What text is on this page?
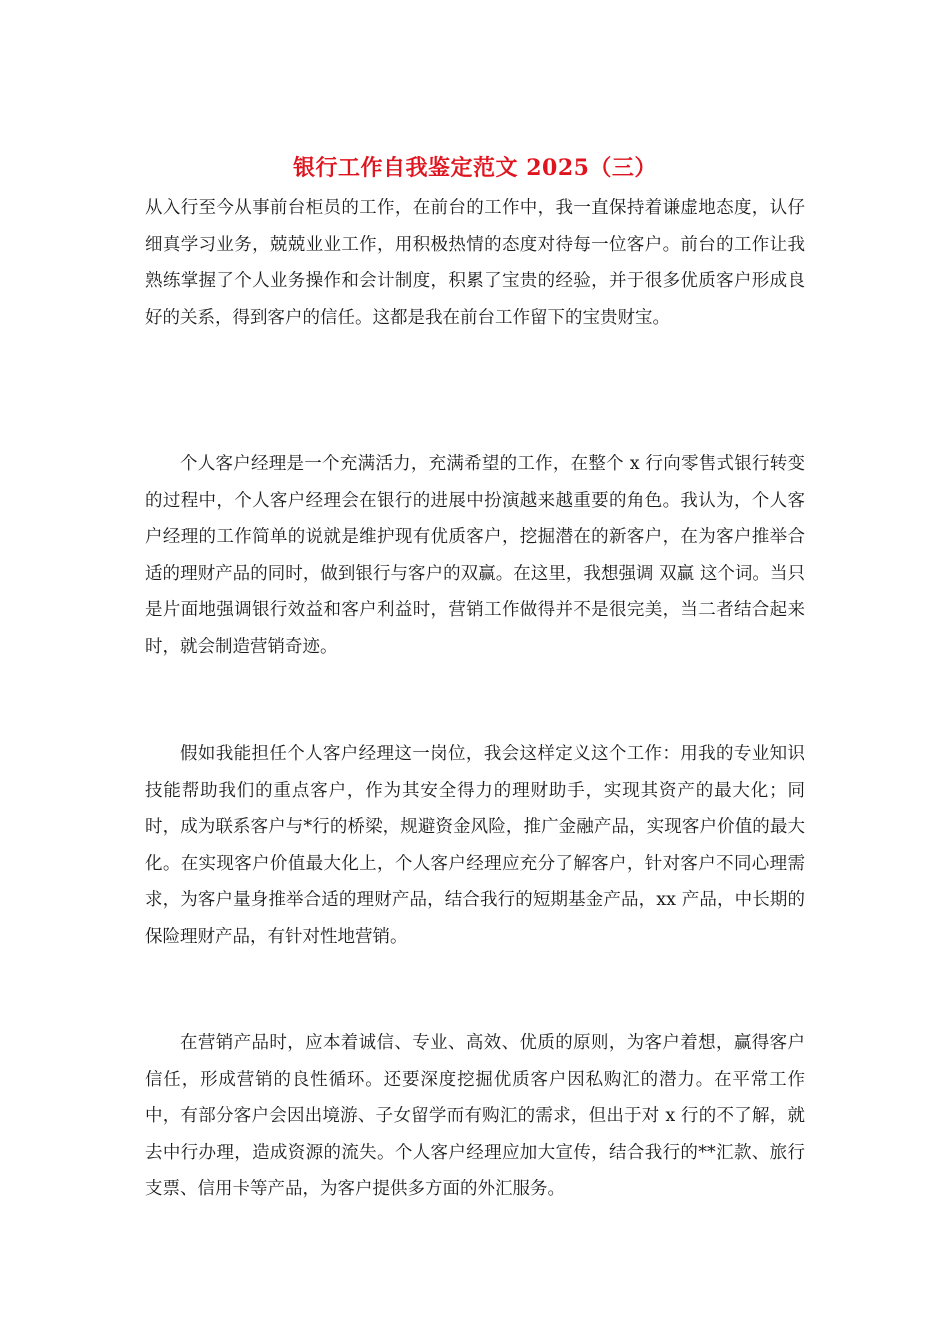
银行工作自我鉴定范文 2025（三）

从入行至今从事前台柜员的工作，在前台的工作中，我一直保持着谦虚地态度，认仔细真学习业务，兢兢业业工作，用积极热情的态度对待每一位客户。前台的工作让我熟练掌握了个人业务操作和会计制度，积累了宝贵的经验，并于很多优质客户形成良好的关系，得到客户的信任。这都是我在前台工作留下的宝贵财宝。

个人客户经理是一个充满活力，充满希望的工作，在整个 x 行向零售式银行转变的过程中，个人客户经理会在银行的进展中扮演越来越重要的角色。我认为，个人客户经理的工作简单的说就是维护现有优质客户，挖掘潜在的新客户，在为客户推举合适的理财产品的同时，做到银行与客户的双赢。在这里，我想强调 双赢 这个词。当只是片面地强调银行效益和客户利益时，营销工作做得并不是很完美，当二者结合起来时，就会制造营销奇迹。

假如我能担任个人客户经理这一岗位，我会这样定义这个工作：用我的专业知识技能帮助我们的重点客户，作为其安全得力的理财助手，实现其资产的最大化；同时，成为联系客户与*行的桥梁，规避资金风险，推广金融产品，实现客户价值的最大化。在实现客户价值最大化上，个人客户经理应充分了解客户，针对客户不同心理需求，为客户量身推举合适的理财产品，结合我行的短期基金产品，xx 产品，中长期的保险理财产品，有针对性地营销。

在营销产品时，应本着诚信、专业、高效、优质的原则，为客户着想，赢得客户信任，形成营销的良性循环。还要深度挖掘优质客户因私购汇的潜力。在平常工作中，有部分客户会因出境游、子女留学而有购汇的需求，但出于对 x 行的不了解，就去中行办理，造成资源的流失。个人客户经理应加大宣传，结合我行的**汇款、旅行支票、信用卡等产品，为客户提供多方面的外汇服务。
